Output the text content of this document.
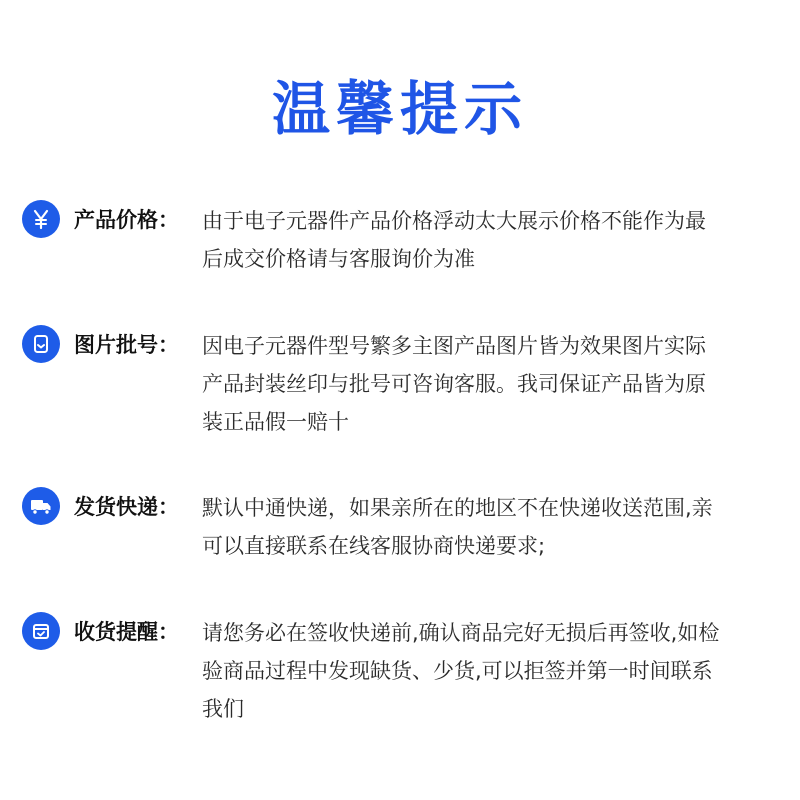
温馨提示
产品价格： 由于电子元器件产品价格浮动太大展示价格不能作为最
后成交价格请与客服询价为准
图片批号： 因电子元器件型号繁多主图产品图片皆为效果图片实际
产品封装丝印与批号可咨询客服。我司保证产品皆为原
装正品假一赔十
发货快递： 默认中通快递，如果亲所在的地区不在快递收送范围,亲
可以直接联系在线客服协商快递要求;
收货提醒： 请您务必在签收快递前,确认商品完好无损后再签收,如检
验商品过程中发现缺货、少货,可以拒签并第一时间联系
我们
